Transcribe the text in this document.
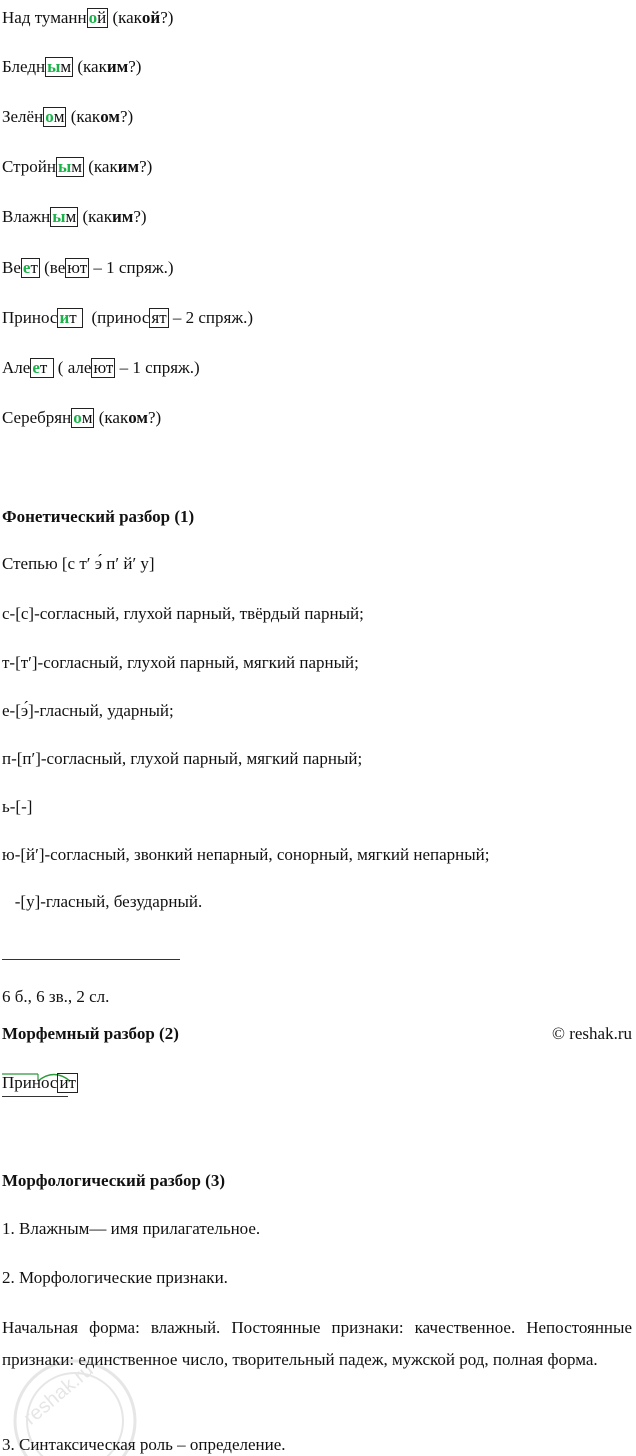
Над туманн ой (какой?)
Бледн ым (каким?)
Зелён ом (каком?)
Стройн ым (каким?)
Влажн ым (каким?)
Ве ет (ве ют – 1 спряж.)
Принос ит   (принос ят – 2 спряж.)
Але ет  ( але ют – 1 спряж.)
Серебрян ом (каком?)
Фонетический разбор (1)
Степью [с т′ э́ п′ й′ у]
с-[с]-согласный, глухой парный, твёрдый парный;
т-[т′]-согласный, глухой парный, мягкий парный;
е-[э́]-гласный, ударный;
п-[п′]-согласный, глухой парный, мягкий парный;
ь-[-]
ю-[й′]-согласный, звонкий непарный, сонорный, мягкий непарный;
-[у]-гласный, безударный.
6 б., 6 зв., 2 сл.
Морфемный разбор (2)	© reshak.ru
Принос ит
Морфологический разбор (3)
1. Влажным— имя прилагательное.
2. Морфологические признаки.
Начальная форма: влажный. Постоянные признаки: качественное. Непостоянные признаки: единственное число, творительный падеж, мужской род, полная форма.
3. Синтаксическая роль – определение.
reshak.ru
